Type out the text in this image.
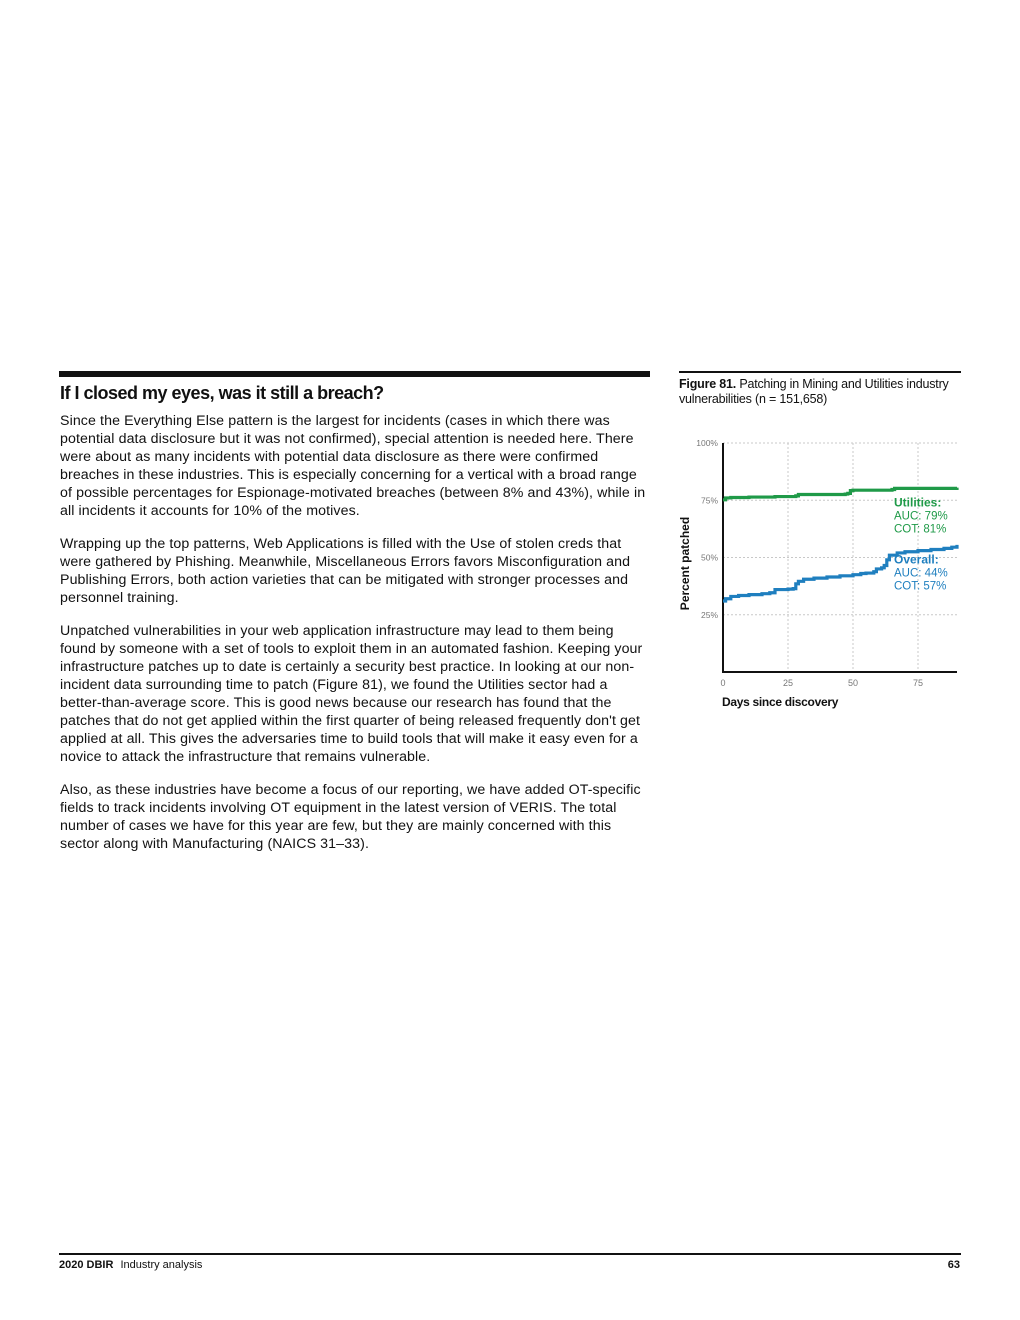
If I closed my eyes, was it still a breach?

Since the Everything Else pattern is the largest for incidents (cases in which there was potential data disclosure but it was not confirmed), special attention is needed here. There were about as many incidents with potential data disclosure as there were confirmed breaches in these industries. This is especially concerning for a vertical with a broad range of possible percentages for Espionage-motivated breaches (between 8% and 43%), while in all incidents it accounts for 10% of the motives.

Wrapping up the top patterns, Web Applications is filled with the Use of stolen creds that were gathered by Phishing. Meanwhile, Miscellaneous Errors favors Misconfiguration and Publishing Errors, both action varieties that can be mitigated with stronger processes and personnel training.

Unpatched vulnerabilities in your web application infrastructure may lead to them being found by someone with a set of tools to exploit them in an automated fashion. Keeping your infrastructure patches up to date is certainly a security best practice. In looking at our non-incident data surrounding time to patch (Figure 81), we found the Utilities sector had a better-than-average score. This is good news because our research has found that the patches that do not get applied within the first quarter of being released frequently don't get applied at all. This gives the adversaries time to build tools that will make it easy even for a novice to attack the infrastructure that remains vulnerable.

Also, as these industries have become a focus of our reporting, we have added OT-specific fields to track incidents involving OT equipment in the latest version of VERIS. The total number of cases we have for this year are few, but they are mainly concerned with this sector along with Manufacturing (NAICS 31–33).

Figure 81. Patching in Mining and Utilities industry vulnerabilities (n = 151,658)
25%
50%
75%
100%
0	25	50	75
Utilities:
AUC: 79%
COT: 81%
Overall:
AUC: 44%
COT: 57%
Percent patched
Days since discovery
2020 DBIR Industry analysis	63
